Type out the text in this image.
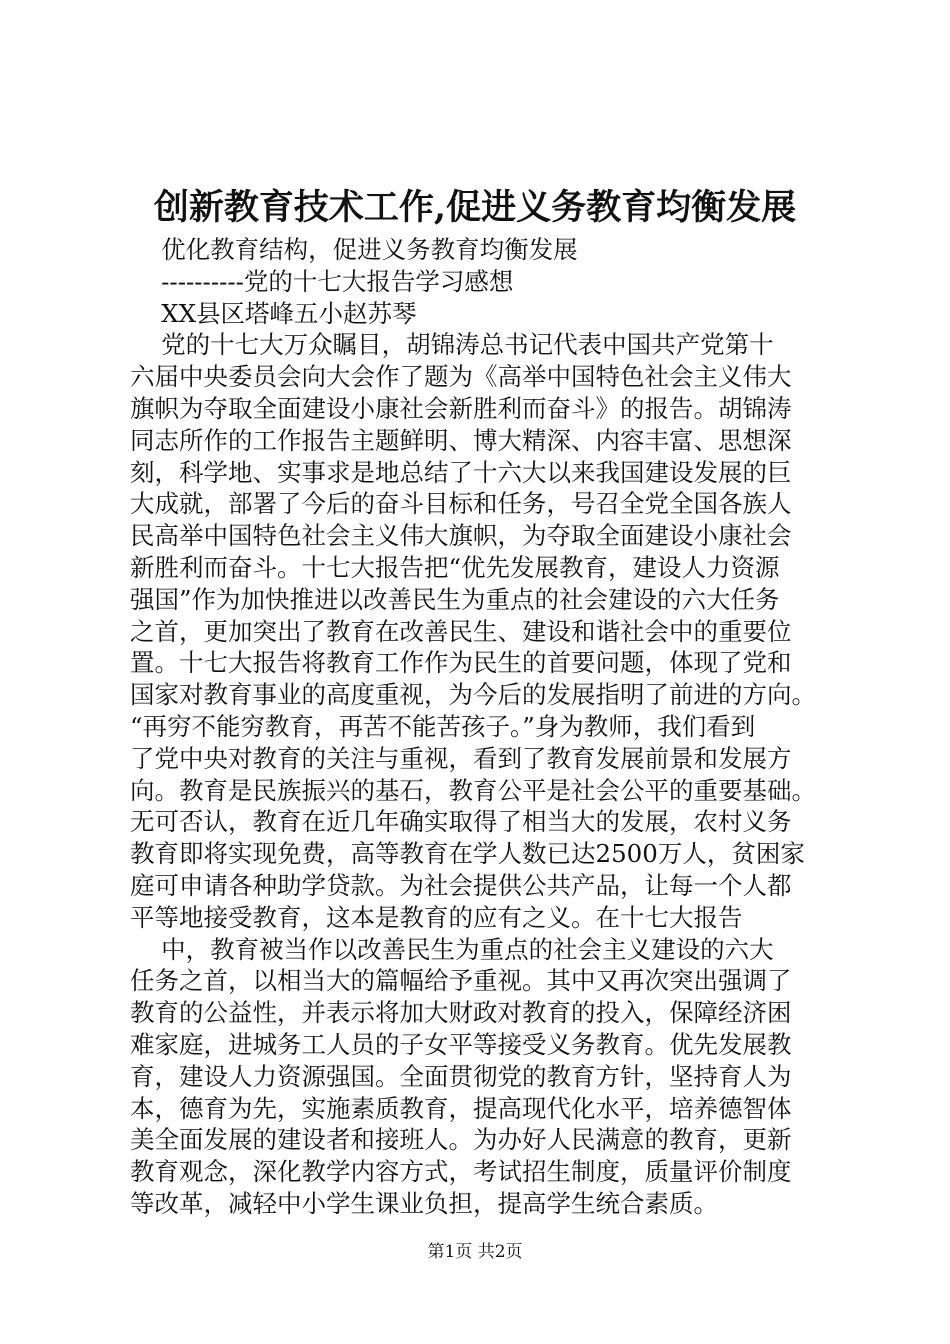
创新教育技术工作,促进义务教育均衡发展
优化教育结构，促进义务教育均衡发展
----------党的十七大报告学习感想
XX县区塔峰五小赵苏琴
党的十七大万众瞩目，胡锦涛总书记代表中国共产党第十
六届中央委员会向大会作了题为《高举中国特色社会主义伟大
旗帜为夺取全面建设小康社会新胜利而奋斗》的报告。胡锦涛
同志所作的工作报告主题鲜明、博大精深、内容丰富、思想深
刻，科学地、实事求是地总结了十六大以来我国建设发展的巨
大成就，部署了今后的奋斗目标和任务，号召全党全国各族人
民高举中国特色社会主义伟大旗帜，为夺取全面建设小康社会
新胜利而奋斗。十七大报告把“优先发展教育，建设人力资源
强国”作为加快推进以改善民生为重点的社会建设的六大任务
之首，更加突出了教育在改善民生、建设和谐社会中的重要位
置。十七大报告将教育工作作为民生的首要问题，体现了党和
国家对教育事业的高度重视，为今后的发展指明了前进的方向。
“再穷不能穷教育，再苦不能苦孩子。”身为教师，我们看到
了党中央对教育的关注与重视，看到了教育发展前景和发展方
向。教育是民族振兴的基石，教育公平是社会公平的重要基础。
无可否认，教育在近几年确实取得了相当大的发展，农村义务
教育即将实现免费，高等教育在学人数已达2500万人，贫困家
庭可申请各种助学贷款。为社会提供公共产品，让每一个人都
平等地接受教育，这本是教育的应有之义。在十七大报告
中，教育被当作以改善民生为重点的社会主义建设的六大
任务之首，以相当大的篇幅给予重视。其中又再次突出强调了
教育的公益性，并表示将加大财政对教育的投入，保障经济困
难家庭，进城务工人员的子女平等接受义务教育。优先发展教
育，建设人力资源强国。全面贯彻党的教育方针，坚持育人为
本，德育为先，实施素质教育，提高现代化水平，培养德智体
美全面发展的建设者和接班人。为办好人民满意的教育，更新
教育观念，深化教学内容方式，考试招生制度，质量评价制度
等改革，减轻中小学生课业负担，提高学生统合素质。
第1页 共2页
